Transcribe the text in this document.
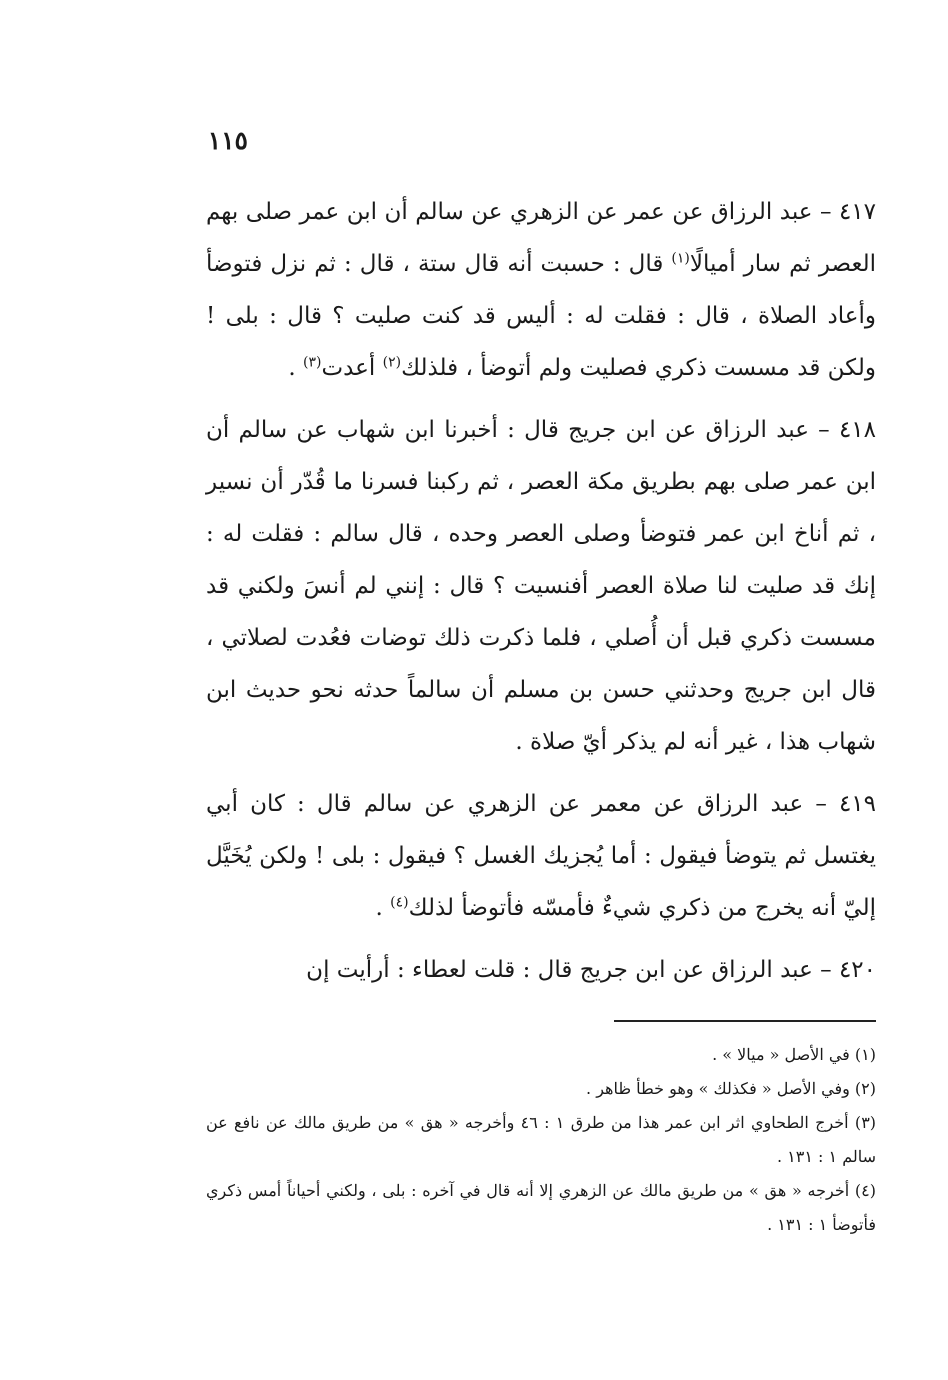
١١٥

٤١٧ – عبد الرزاق عن عمر عن الزهري عن سالم أن ابن عمر صلى بهم العصر ثم سار أميالًا$^{(١)}$ قال : حسبت أنه قال ستة ، قال : ثم نزل فتوضأ وأعاد الصلاة ، قال : فقلت له : أليس قد كنت صليت ؟ قال : بلى ! ولكن قد مسست ذكري فصليت ولم أتوضأ ، فلذلك$^{(٢)}$ أعدت$^{(٣)}$ .

٤١٨ – عبد الرزاق عن ابن جريج قال : أخبرنا ابن شهاب عن سالم أن ابن عمر صلى بهم بطريق مكة العصر ، ثم ركبنا فسرنا ما قُدّر أن نسير ، ثم أناخ ابن عمر فتوضأ وصلى العصر وحده ، قال سالم : فقلت له : إنك قد صليت لنا صلاة العصر أفنسيت ؟ قال : إنني لم أنسَ ولكني قد مسست ذكري قبل أن أُصلي ، فلما ذكرت ذلك توضات فعُدت لصلاتي ، قال ابن جريج وحدثني حسن بن مسلم أن سالماً حدثه نحو حديث ابن شهاب هذا ، غير أنه لم يذكر أيّ صلاة .

٤١٩ – عبد الرزاق عن معمر عن الزهري عن سالم قال : كان أبي يغتسل ثم يتوضأ فيقول : أما يُجزيك الغسل ؟ فيقول : بلى ! ولكن يُخَيَّل إليّ أنه يخرج من ذكري شيءٌ فأمسّه فأتوضأ لذلك$^{(٤)}$ .

٤٢٠ – عبد الرزاق عن ابن جريج قال : قلت لعطاء : أرأيت إن

(١) في الأصل « ميالا » .

(٢) وفي الأصل « فكذلك » وهو خطأ ظاهر .

(٣) أخرج الطحاوي اثر ابن عمر هذا من طرق ١ : ٤٦ وأخرجه « هق » من طريق مالك عن نافع عن سالم ١ : ١٣١ .

(٤) أخرجه « هق » من طريق مالك عن الزهري إلا أنه قال في آخره : بلى ، ولكني أحياناً أمس ذكري فأتوضأ ١ : ١٣١ .
